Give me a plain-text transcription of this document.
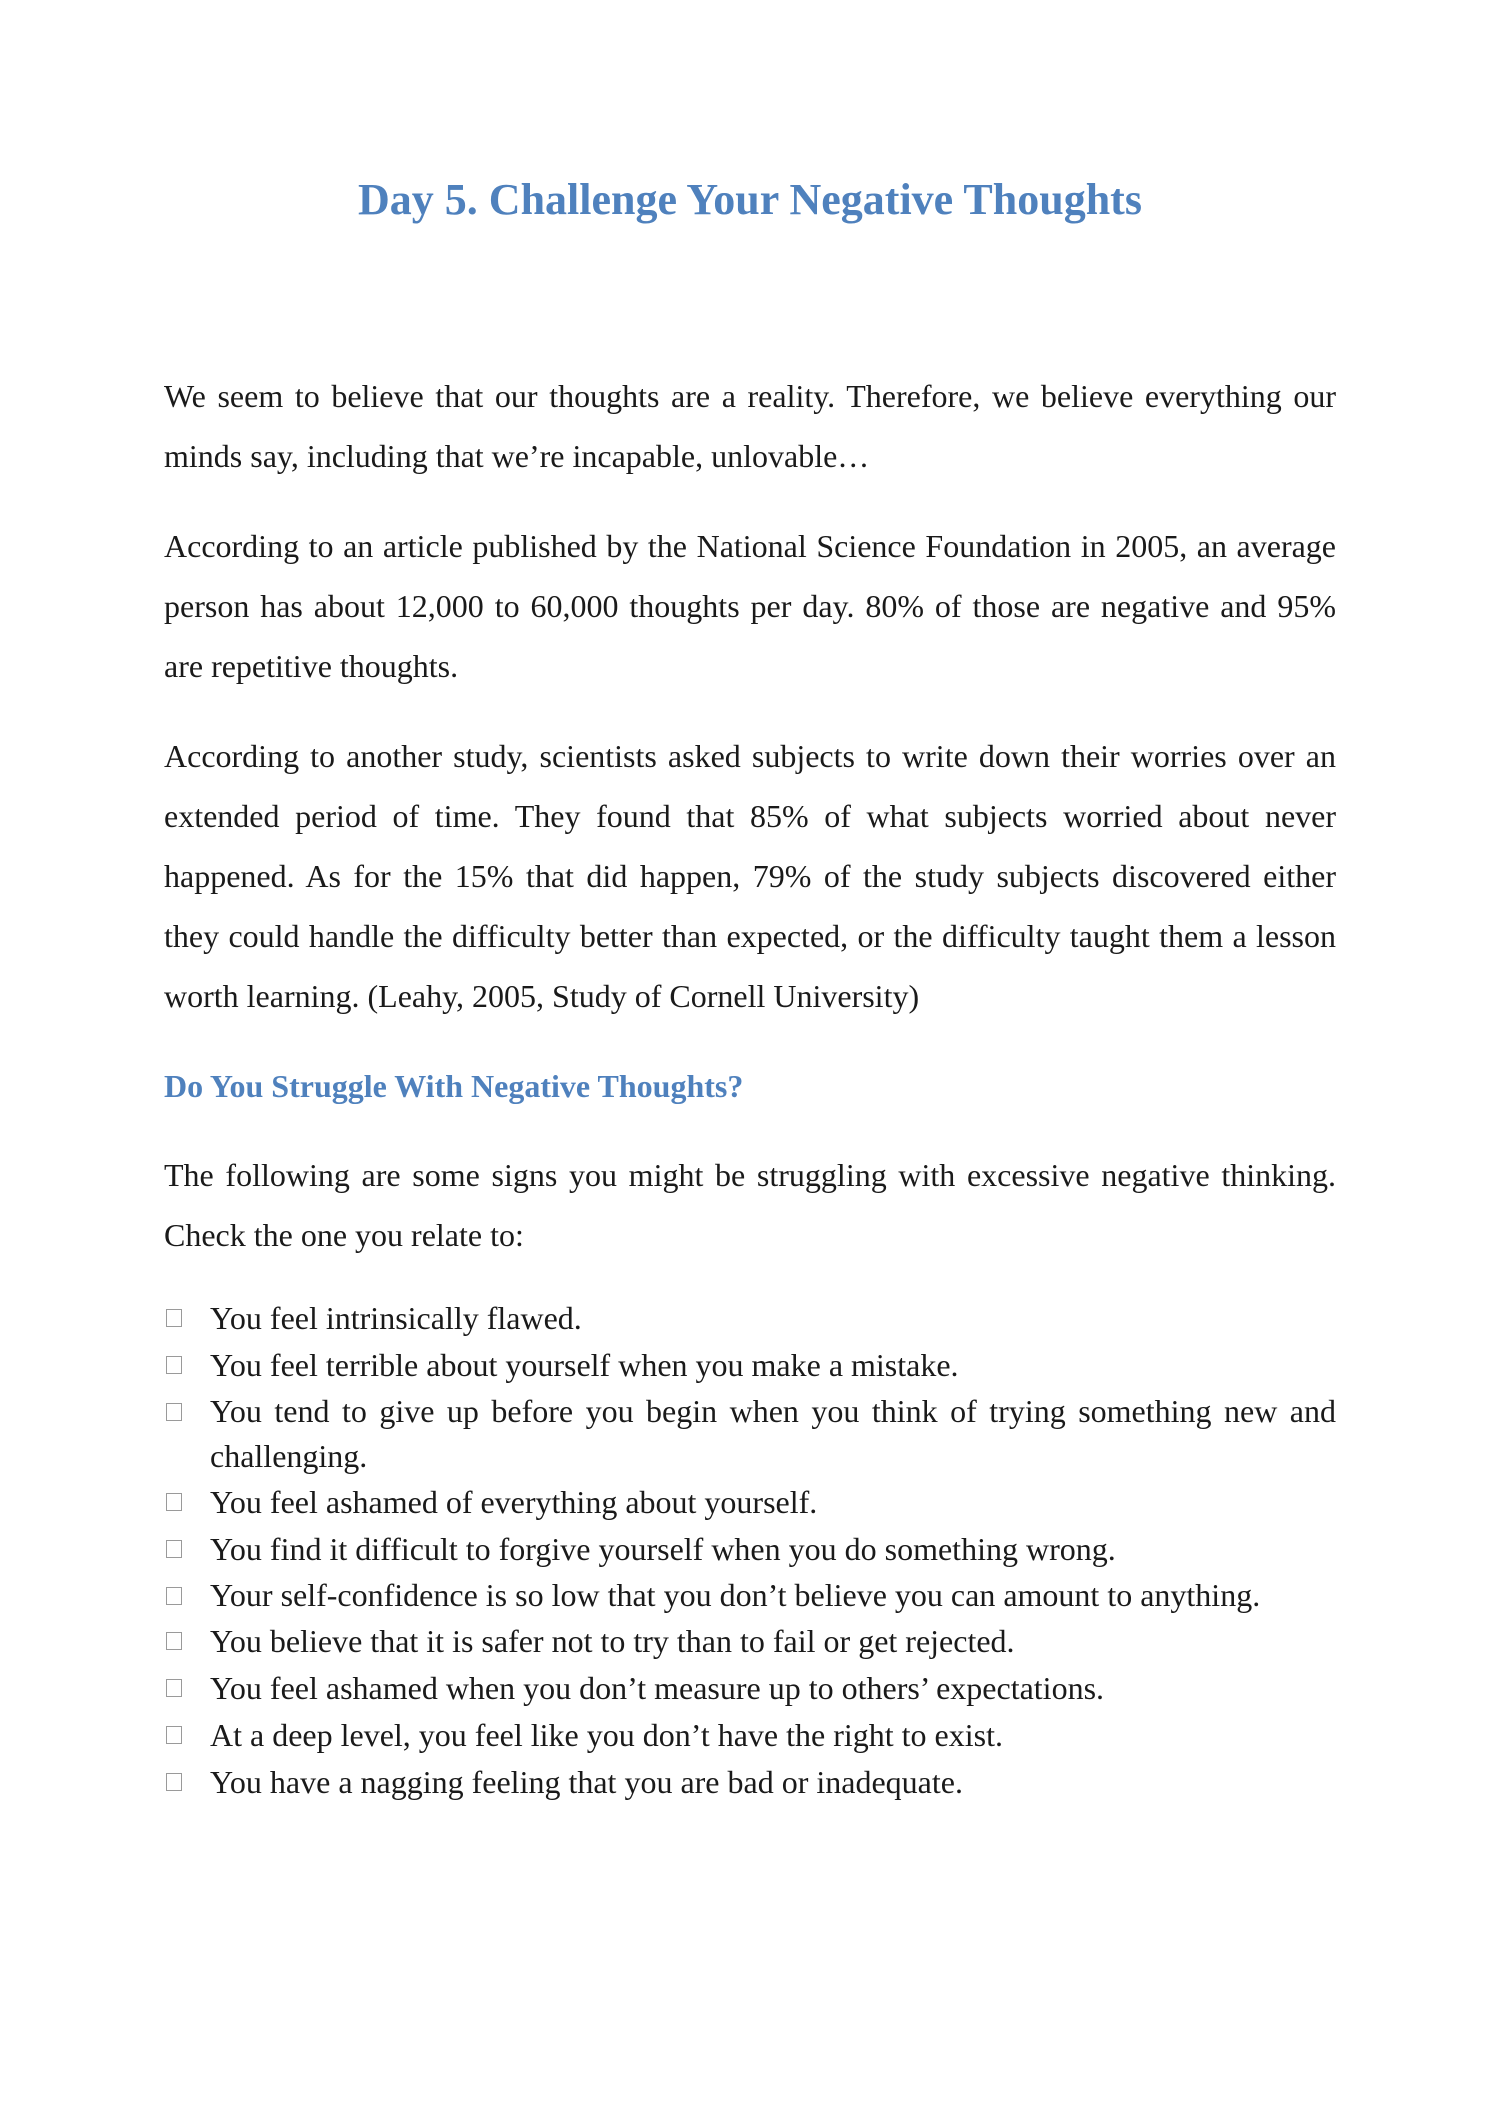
Day 5. Challenge Your Negative Thoughts

We seem to believe that our thoughts are a reality. Therefore, we believe everything our minds say, including that we’re incapable, unlovable…

According to an article published by the National Science Foundation in 2005, an average person has about 12,000 to 60,000 thoughts per day. 80% of those are negative and 95% are repetitive thoughts.

According to another study, scientists asked subjects to write down their worries over an extended period of time. They found that 85% of what subjects worried about never happened. As for the 15% that did happen, 79% of the study subjects discovered either they could handle the difficulty better than expected, or the difficulty taught them a lesson worth learning. (Leahy, 2005, Study of Cornell University)

Do You Struggle With Negative Thoughts?

The following are some signs you might be struggling with excessive negative thinking. Check the one you relate to:

You feel intrinsically flawed.
You feel terrible about yourself when you make a mistake.
You tend to give up before you begin when you think of trying something new and challenging.
You feel ashamed of everything about yourself.
You find it difficult to forgive yourself when you do something wrong.
Your self-confidence is so low that you don’t believe you can amount to anything.
You believe that it is safer not to try than to fail or get rejected.
You feel ashamed when you don’t measure up to others’ expectations.
At a deep level, you feel like you don’t have the right to exist.
You have a nagging feeling that you are bad or inadequate.
